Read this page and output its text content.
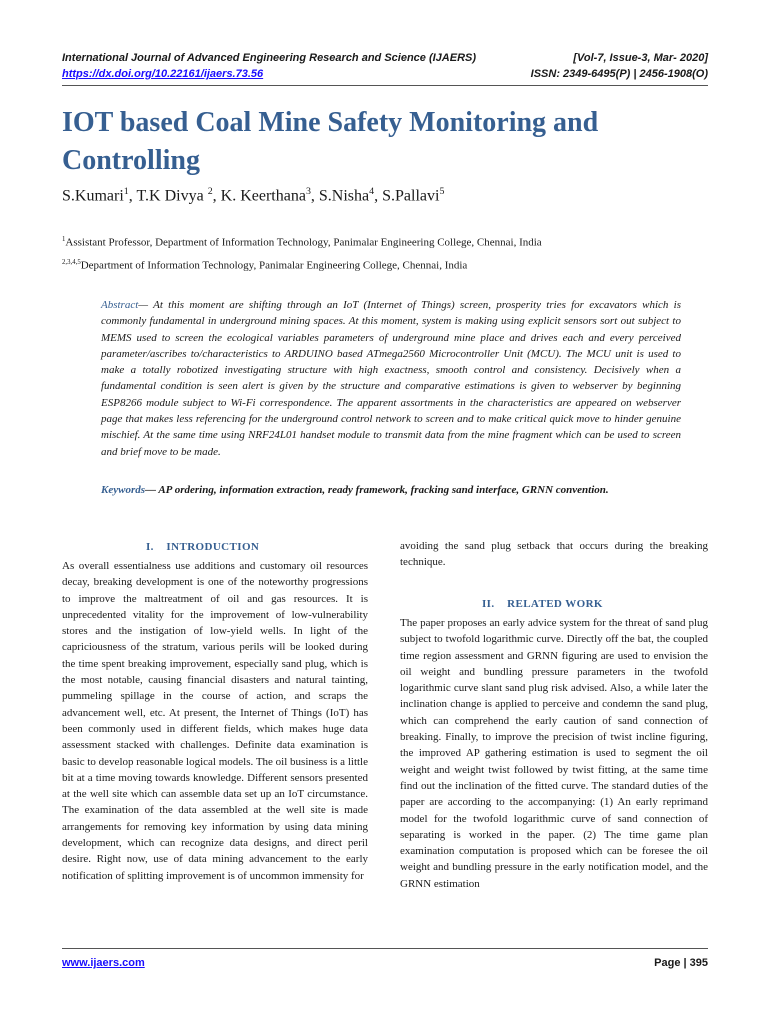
International Journal of Advanced Engineering Research and Science (IJAERS)	[Vol-7, Issue-3, Mar- 2020]
https://dx.doi.org/10.22161/ijaers.73.56	ISSN: 2349-6495(P) | 2456-1908(O)
IOT based Coal Mine Safety Monitoring and Controlling
S.Kumari$^1$, T.K Divya $^2$, K. Keerthana$^3$, S.Nisha$^4$, S.Pallavi$^5$
$^1$Assistant Professor, Department of Information Technology, Panimalar Engineering College, Chennai, India
$^{2,3,4,5}$Department of Information Technology, Panimalar Engineering College, Chennai, India
Abstract— At this moment are shifting through an IoT (Internet of Things) screen, prosperity tries for excavators which is commonly fundamental in underground mining spaces. At this moment, system is making using explicit sensors sort out subject to MEMS used to screen the ecological variables parameters of underground mine place and drives each and every perceived parameter/ascribes to/characteristics to ARDUINO based ATmega2560 Microcontroller Unit (MCU). The MCU unit is used to make a totally robotized investigating structure with high exactness, smooth control and consistency. Decisively when a fundamental condition is seen alert is given by the structure and comparative estimations is given to webserver by beginning ESP8266 module subject to Wi-Fi correspondence. The apparent assortments in the characteristics are appeared on webserver page that makes less referencing for the underground control network to screen and to make critical quick move to hinder genuine mischief. At the same time using NRF24L01 handset module to transmit data from the mine fragment which can be used to screen and brief move to be made.
Keywords— AP ordering, information extraction, ready framework, fracking sand interface, GRNN convention.
I.    INTRODUCTION

As overall essentialness use additions and customary oil resources decay, breaking development is one of the noteworthy progressions to improve the maltreatment of oil and gas resources. It is unprecedented vitality for the improvement of low-vulnerability stores and the instigation of low-yield wells. In light of the capriciousness of the stratum, various perils will be looked during the time spent breaking improvement, especially sand plug, which is the most notable, causing financial disasters and natural tainting, pummeling spillage in the course of action, and scraps the advancement well, etc. At present, the Internet of Things (IoT) has been commonly used in different fields, which makes huge data assessment stacked with challenges. Definite data examination is basic to develop reasonable logical models. The oil business is a little bit at a time moving towards knowledge. Different sensors presented at the well site which can assemble data set up an IoT circumstance. The examination of the data assembled at the well site is made arrangements for removing key information by using data mining development, which can recognize data designs, and direct peril desire. Right now, use of data mining advancement to the early notification of splitting improvement is of uncommon immensity for

avoiding the sand plug setback that occurs during the breaking technique.

II.    RELATED WORK

The paper proposes an early advice system for the threat of sand plug subject to twofold logarithmic curve. Directly off the bat, the coupled time region assessment and GRNN figuring are used to envision the oil weight and bundling pressure parameters in the twofold logarithmic curve slant sand plug risk advised. Also, a while later the inclination change is applied to perceive and condemn the sand plug, which can comprehend the early caution of sand connection of breaking. Finally, to improve the precision of twist incline figuring, the improved AP gathering estimation is used to segment the oil weight and weight twist followed by twist fitting, at the same time find out the inclination of the fitted curve. The standard duties of the paper are according to the accompanying: (1) An early reprimand model for the twofold logarithmic curve of sand connection of separating is worked in the paper. (2) The time game plan examination computation is proposed which can be foresee the oil weight and bundling pressure in the early notification model, and the GRNN estimation

www.ijaers.com	Page | 395
